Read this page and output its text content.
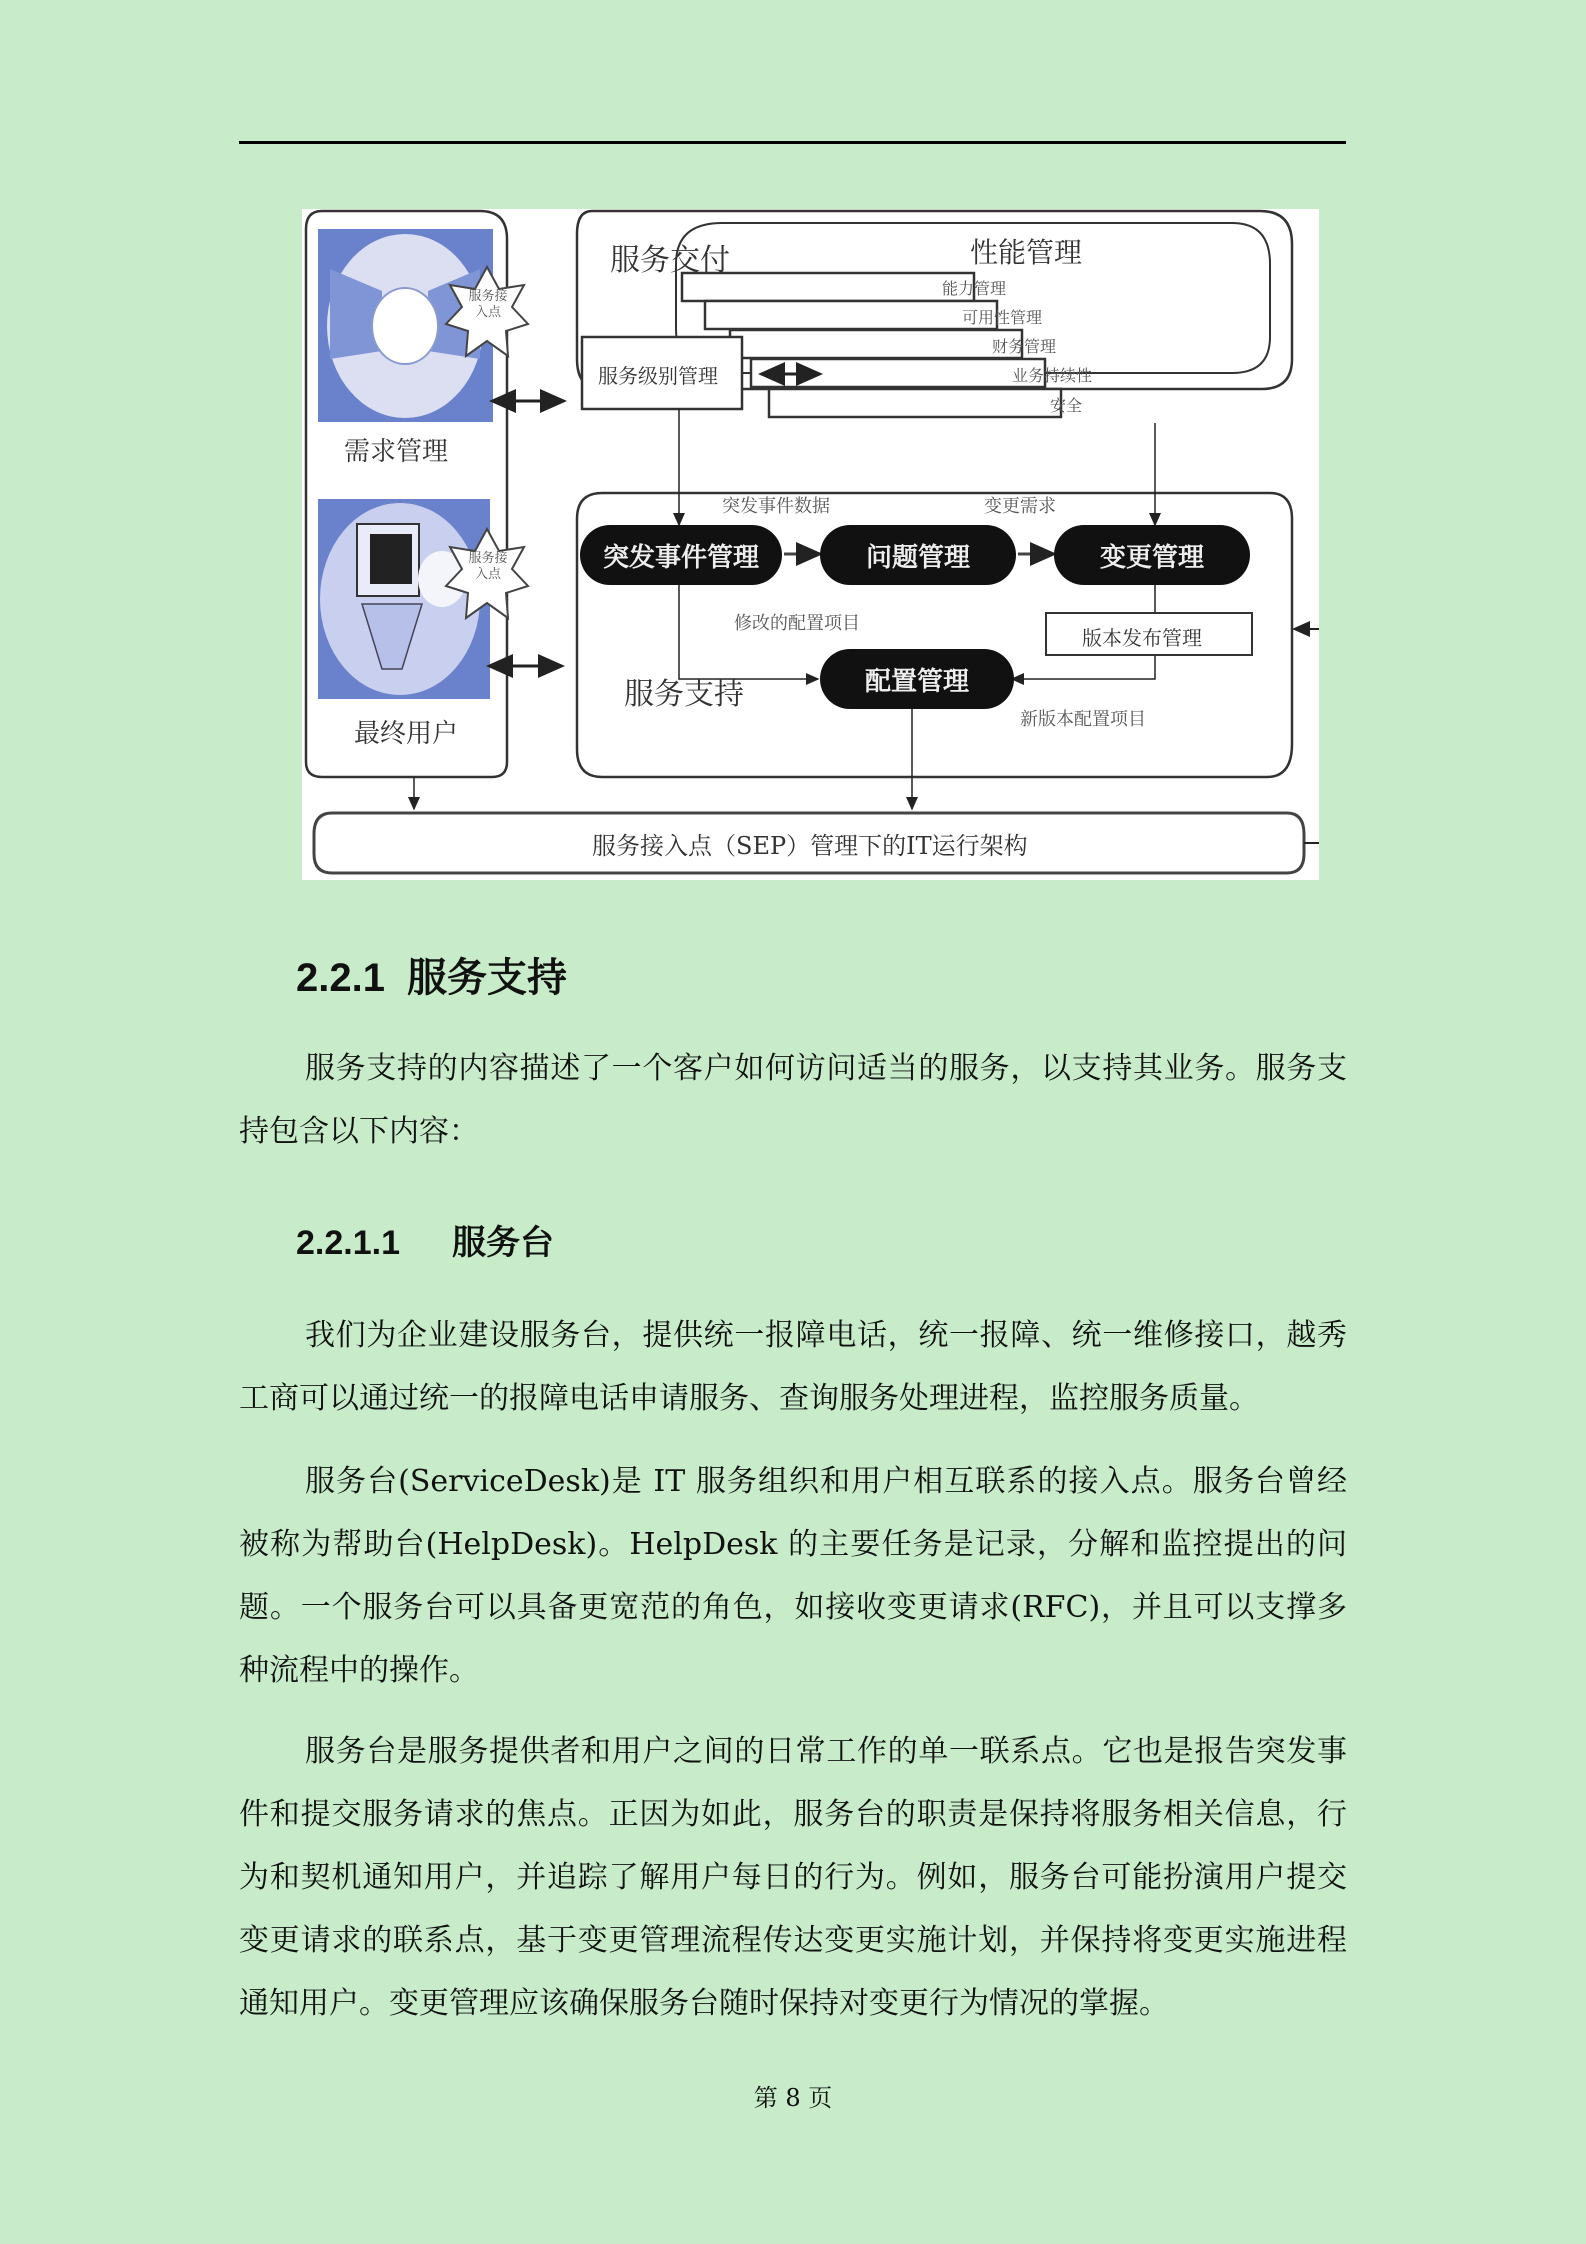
需求管理
最终用户
服务接入点
服务接入点
服务交付
服务级别管理
性能管理
能力管理
可用性管理
财务管理
业务持续性
安全
突发事件数据	变更需求
突发事件管理	问题管理	变更管理
修改的配置项目
版本发布管理
配置管理
服务支持
新版本配置项目
服务接入点（SEP）管理下的IT运行架构
2.2.1 服务支持

服务支持的内容描述了一个客户如何访问适当的服务，以支持其业务。服务支持包含以下内容：

2.2.1.1 服务台

我们为企业建设服务台，提供统一报障电话，统一报障、统一维修接口，越秀工商可以通过统一的报障电话申请服务、查询服务处理进程，监控服务质量。

服务台(ServiceDesk)是 IT 服务组织和用户相互联系的接入点。服务台曾经被称为帮助台(HelpDesk)。HelpDesk 的主要任务是记录，分解和监控提出的问题。一个服务台可以具备更宽范的角色，如接收变更请求(RFC)，并且可以支撑多种流程中的操作。

服务台是服务提供者和用户之间的日常工作的单一联系点。它也是报告突发事件和提交服务请求的焦点。正因为如此，服务台的职责是保持将服务相关信息，行为和契机通知用户，并追踪了解用户每日的行为。例如，服务台可能扮演用户提交变更请求的联系点，基于变更管理流程传达变更实施计划，并保持将变更实施进程通知用户。变更管理应该确保服务台随时保持对变更行为情况的掌握。

第 8 页
